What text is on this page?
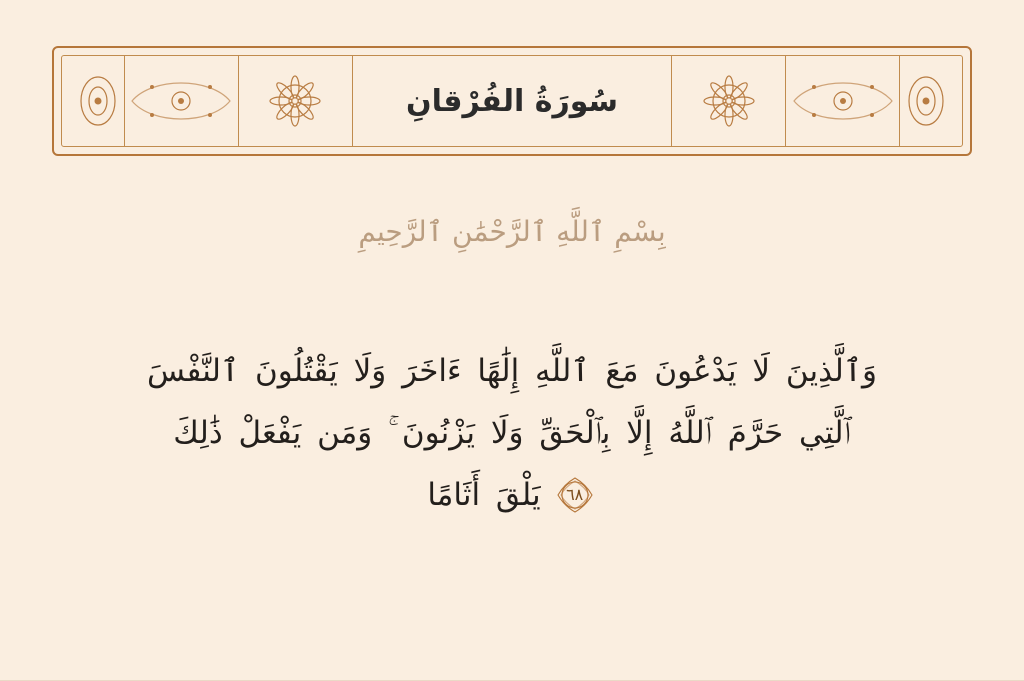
سُورَةُ الفُرْقانِ
بِسْمِ ٱللَّهِ ٱلرَّحْمَٰنِ ٱلرَّحِيمِ
وَٱلَّذِينَ لَا يَدْعُونَ مَعَ ٱللَّهِ إِلَٰهًا ءَاخَرَ وَلَا يَقْتُلُونَ ٱلنَّفْسَ
ٱلَّتِي حَرَّمَ ٱللَّهُ إِلَّا بِٱلْحَقِّ وَلَا يَزْنُونَ ۚ وَمَن يَفْعَلْ ذَٰلِكَ
٦٨
يَلْقَ أَثَامًا
